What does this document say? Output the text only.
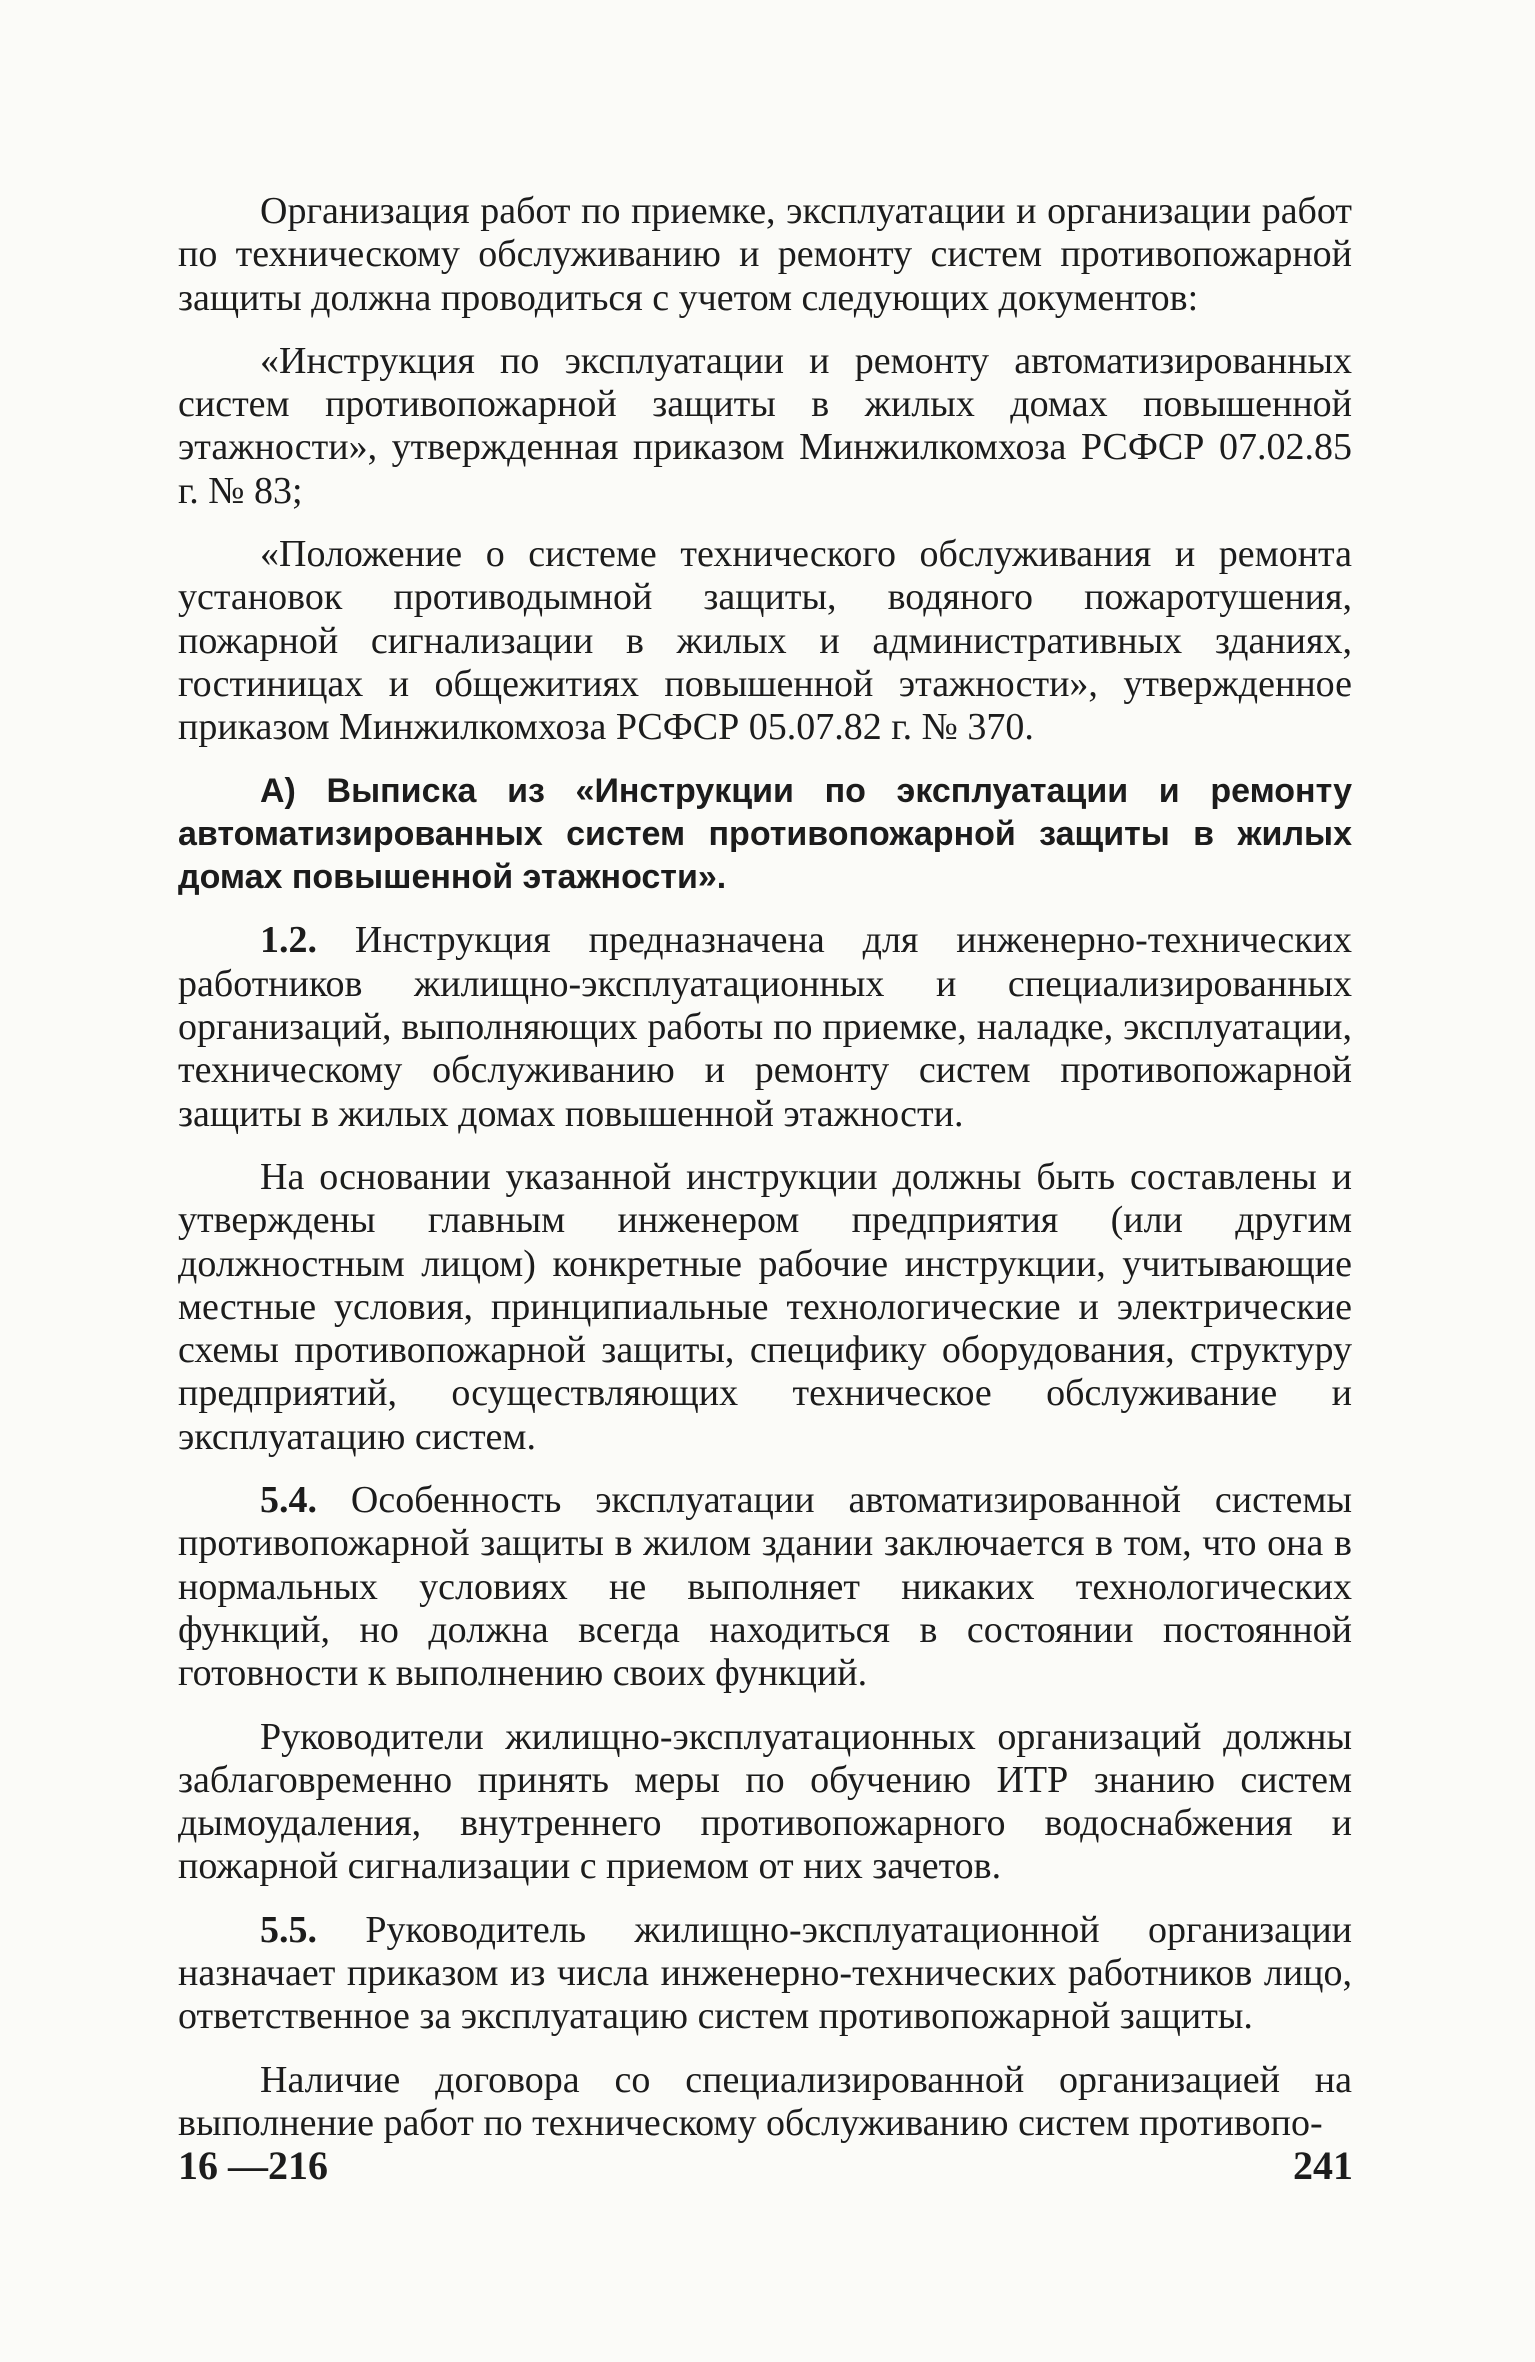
Организация работ по приемке, эксплуатации и организации работ по техническому обслуживанию и ремонту систем противопожарной защиты должна проводиться с учетом следующих документов:

«Инструкция по эксплуатации и ремонту автоматизированных систем противопожарной защиты в жилых домах повышенной этажности», утвержденная приказом Минжилкомхоза РСФСР 07.02.85 г. № 83;

«Положение о системе технического обслуживания и ремонта установок противодымной защиты, водяного пожаротушения, пожарной сигнализации в жилых и административных зданиях, гостиницах и общежитиях повышенной этажности», утвержденное приказом Минжилкомхоза РСФСР 05.07.82 г. № 370.

А) Выписка из «Инструкции по эксплуатации и ремонту автоматизированных систем противопожарной защиты в жилых домах повышенной этажности».

1.2. Инструкция предназначена для инженерно-технических работников жилищно-эксплуатационных и специализированных организаций, выполняющих работы по приемке, наладке, эксплуатации, техническому обслуживанию и ремонту систем противопожарной защиты в жилых домах повышенной этажности.

На основании указанной инструкции должны быть составлены и утверждены главным инженером предприятия (или другим должностным лицом) конкретные рабочие инструкции, учитывающие местные условия, принципиальные технологические и электрические схемы противопожарной защиты, специфику оборудования, структуру предприятий, осуществляющих техническое обслуживание и эксплуатацию систем.

5.4. Особенность эксплуатации автоматизированной системы противопожарной защиты в жилом здании заключается в том, что она в нормальных условиях не выполняет никаких технологических функций, но должна всегда находиться в состоянии постоянной готовности к выполнению своих функций.

Руководители жилищно-эксплуатационных организаций должны заблаговременно принять меры по обучению ИТР знанию систем дымоудаления, внутреннего противопожарного водоснабжения и пожарной сигнализации с приемом от них зачетов.

5.5. Руководитель жилищно-эксплуатационной организации назначает приказом из числа инженерно-технических работников лицо, ответственное за эксплуатацию систем противопожарной защиты.

Наличие договора со специализированной организацией на выполнение работ по техническому обслуживанию систем противопо-

16 —216	241
